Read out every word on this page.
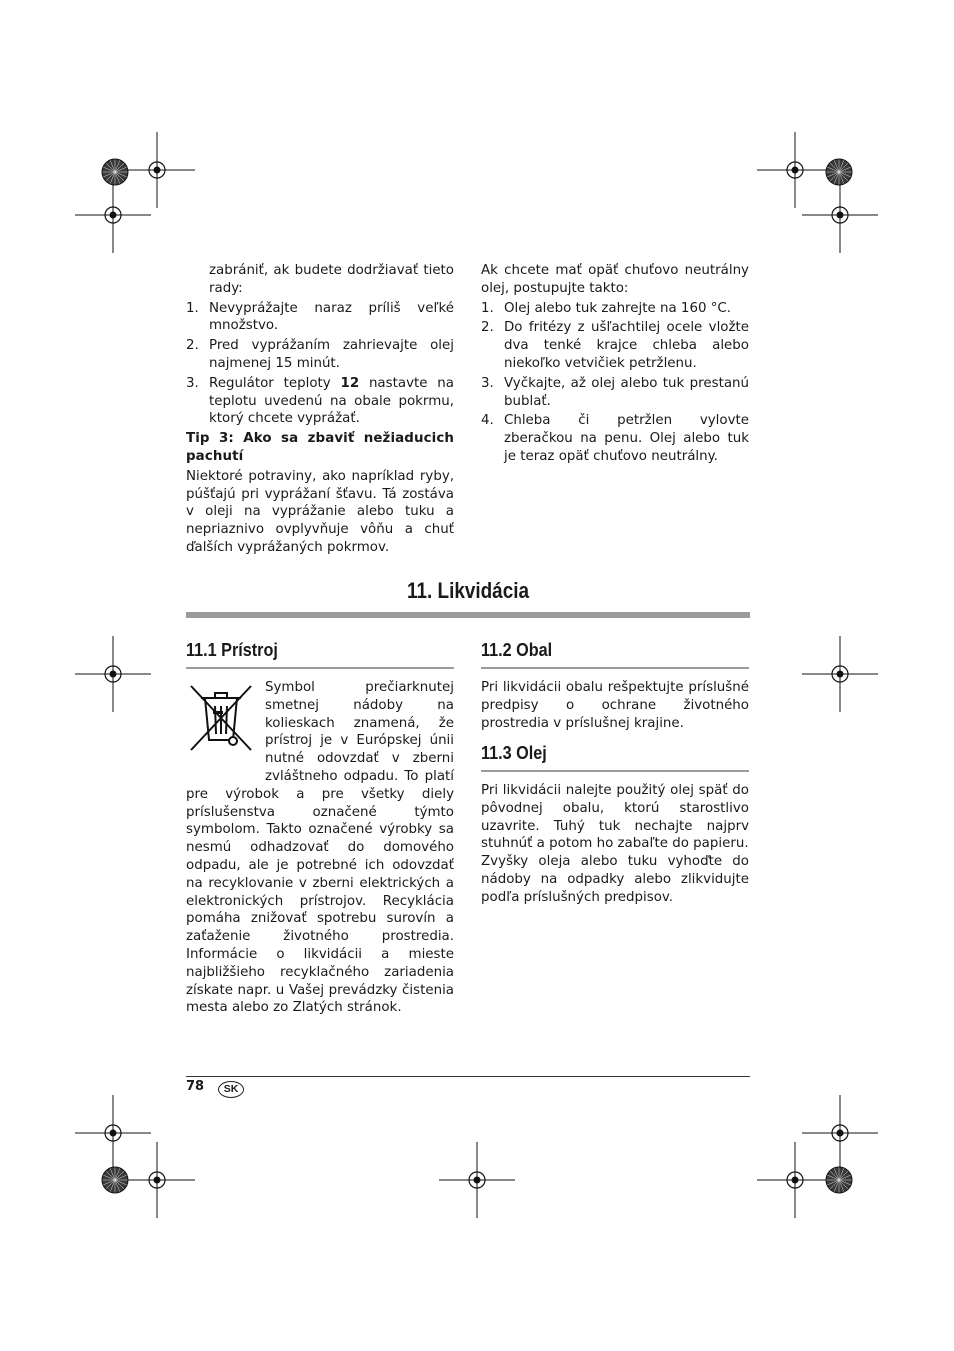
zabrániť, ak budete dodržiavať tieto rady:

1. Nevyprážajte naraz príliš veľké množstvo.
2. Pred vyprážaním zahrievajte olej najmenej 15 minút.
3. Regulátor teploty 12 nastavte na teplotu uvedenú na obale pokrmu, ktorý chcete vyprážať.

Tip 3: Ako sa zbaviť nežiaducich pachutí

Niektoré potraviny, ako napríklad ryby, púšťajú pri vyprážaní šťavu. Tá zostáva v oleji na vyprážanie alebo tuku a nepriaznivo ovplyvňuje vôňu a chuť ďalších vyprážaných pokrmov.

Ak chcete mať opäť chuťovo neutrálny olej, postupujte takto:

1. Olej alebo tuk zahrejte na 160 °C.
2. Do fritézy z ušľachtilej ocele vložte dva tenké krajce chleba alebo niekoľko vetvičiek petržlenu.
3. Vyčkajte, až olej alebo tuk prestanú bublať.
4. Chleba či petržlen vylovte zberačkou na penu. Olej alebo tuk je teraz opäť chuťovo neutrálny.
11. Likvidácia
11.1 Prístroj

Symbol prečiarknutej smetnej nádoby na kolieskach znamená, že prístroj je v Európskej únii nutné odovzdať v zberni zvláštneho odpadu. To platí pre výrobok a pre všetky diely príslušenstva označené týmto symbolom. Takto označené výrobky sa nesmú odhadzovať do domového odpadu, ale je potrebné ich odovzdať na recyklovanie v zberni elektrických a elektronických prístrojov. Recyklácia pomáha znižovať spotrebu surovín a zaťaženie životného prostredia. Informácie o likvidácii a mieste najbližšieho recyklačného zariadenia získate napr. u Vašej prevádzky čistenia mesta alebo zo Zlatých stránok.

11.2 Obal
Pri likvidácii obalu rešpektujte príslušné predpisy o ochrane životného prostredia v príslušnej krajine.
11.3 Olej

Pri likvidácii nalejte použitý olej späť do pôvodnej obalu, ktorú starostlivo uzavrite. Tuhý tuk nechajte najprv stuhnúť a potom ho zabaľte do papieru.

Zvyšky oleja alebo tuku vyhoďte do nádoby na odpadky alebo zlikvidujte podľa príslušných predpisov.

78	SK
